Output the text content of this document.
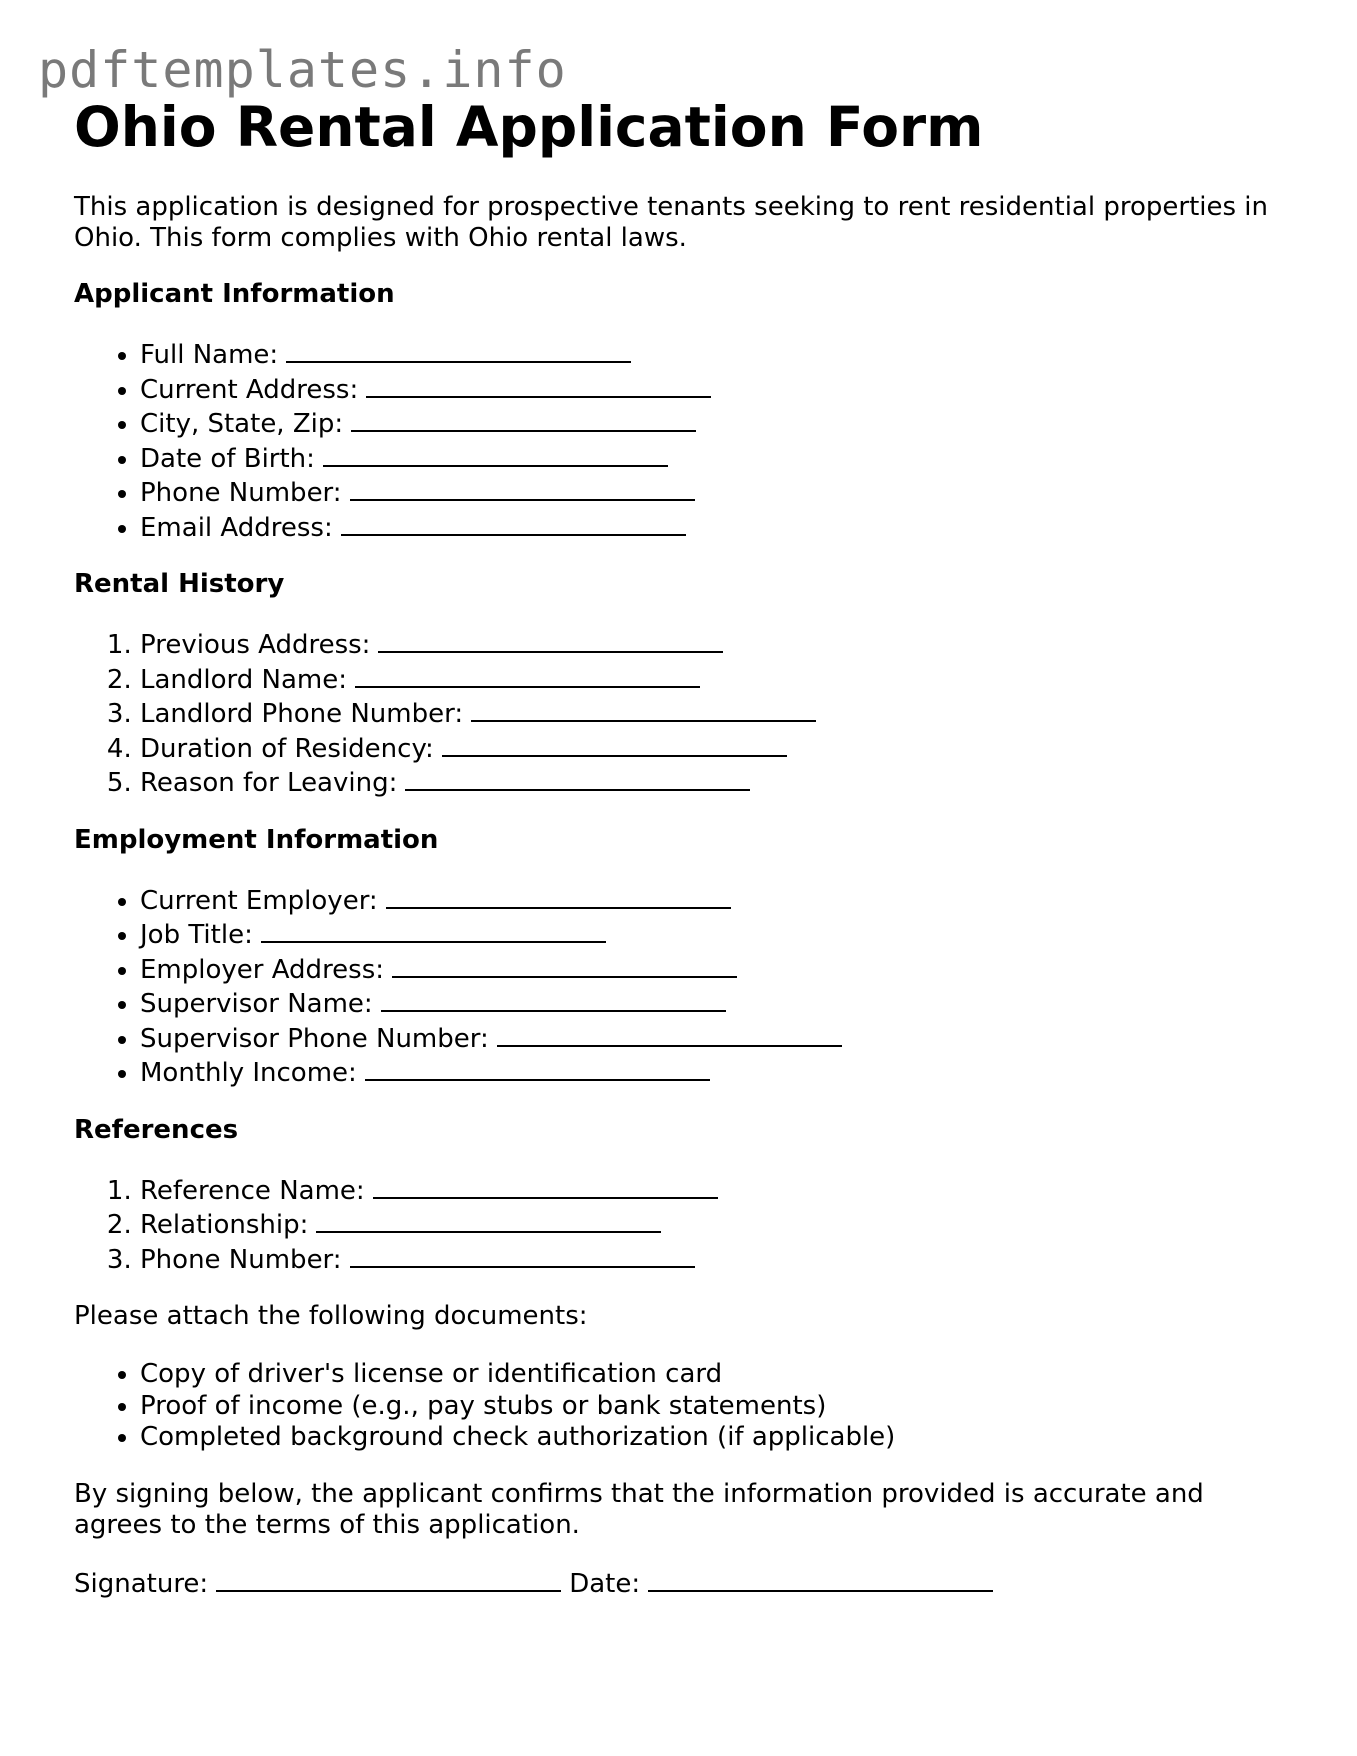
pdftemplates.info
Ohio Rental Application Form

This application is designed for prospective tenants seeking to rent residential properties in Ohio. This form complies with Ohio rental laws.

Applicant Information
• Full Name:
• Current Address:
• City, State, Zip:
• Date of Birth:
• Phone Number:
• Email Address:
Rental History
1. Previous Address:
2. Landlord Name:
3. Landlord Phone Number:
4. Duration of Residency:
5. Reason for Leaving:
Employment Information
• Current Employer:
• Job Title:
• Employer Address:
• Supervisor Name:
• Supervisor Phone Number:
• Monthly Income:
References
1. Reference Name:
2. Relationship:
3. Phone Number:

Please attach the following documents:

• Copy of driver's license or identification card
• Proof of income (e.g., pay stubs or bank statements)
• Completed background check authorization (if applicable)

By signing below, the applicant confirms that the information provided is accurate and agrees to the terms of this application.

Signature:	Date:
